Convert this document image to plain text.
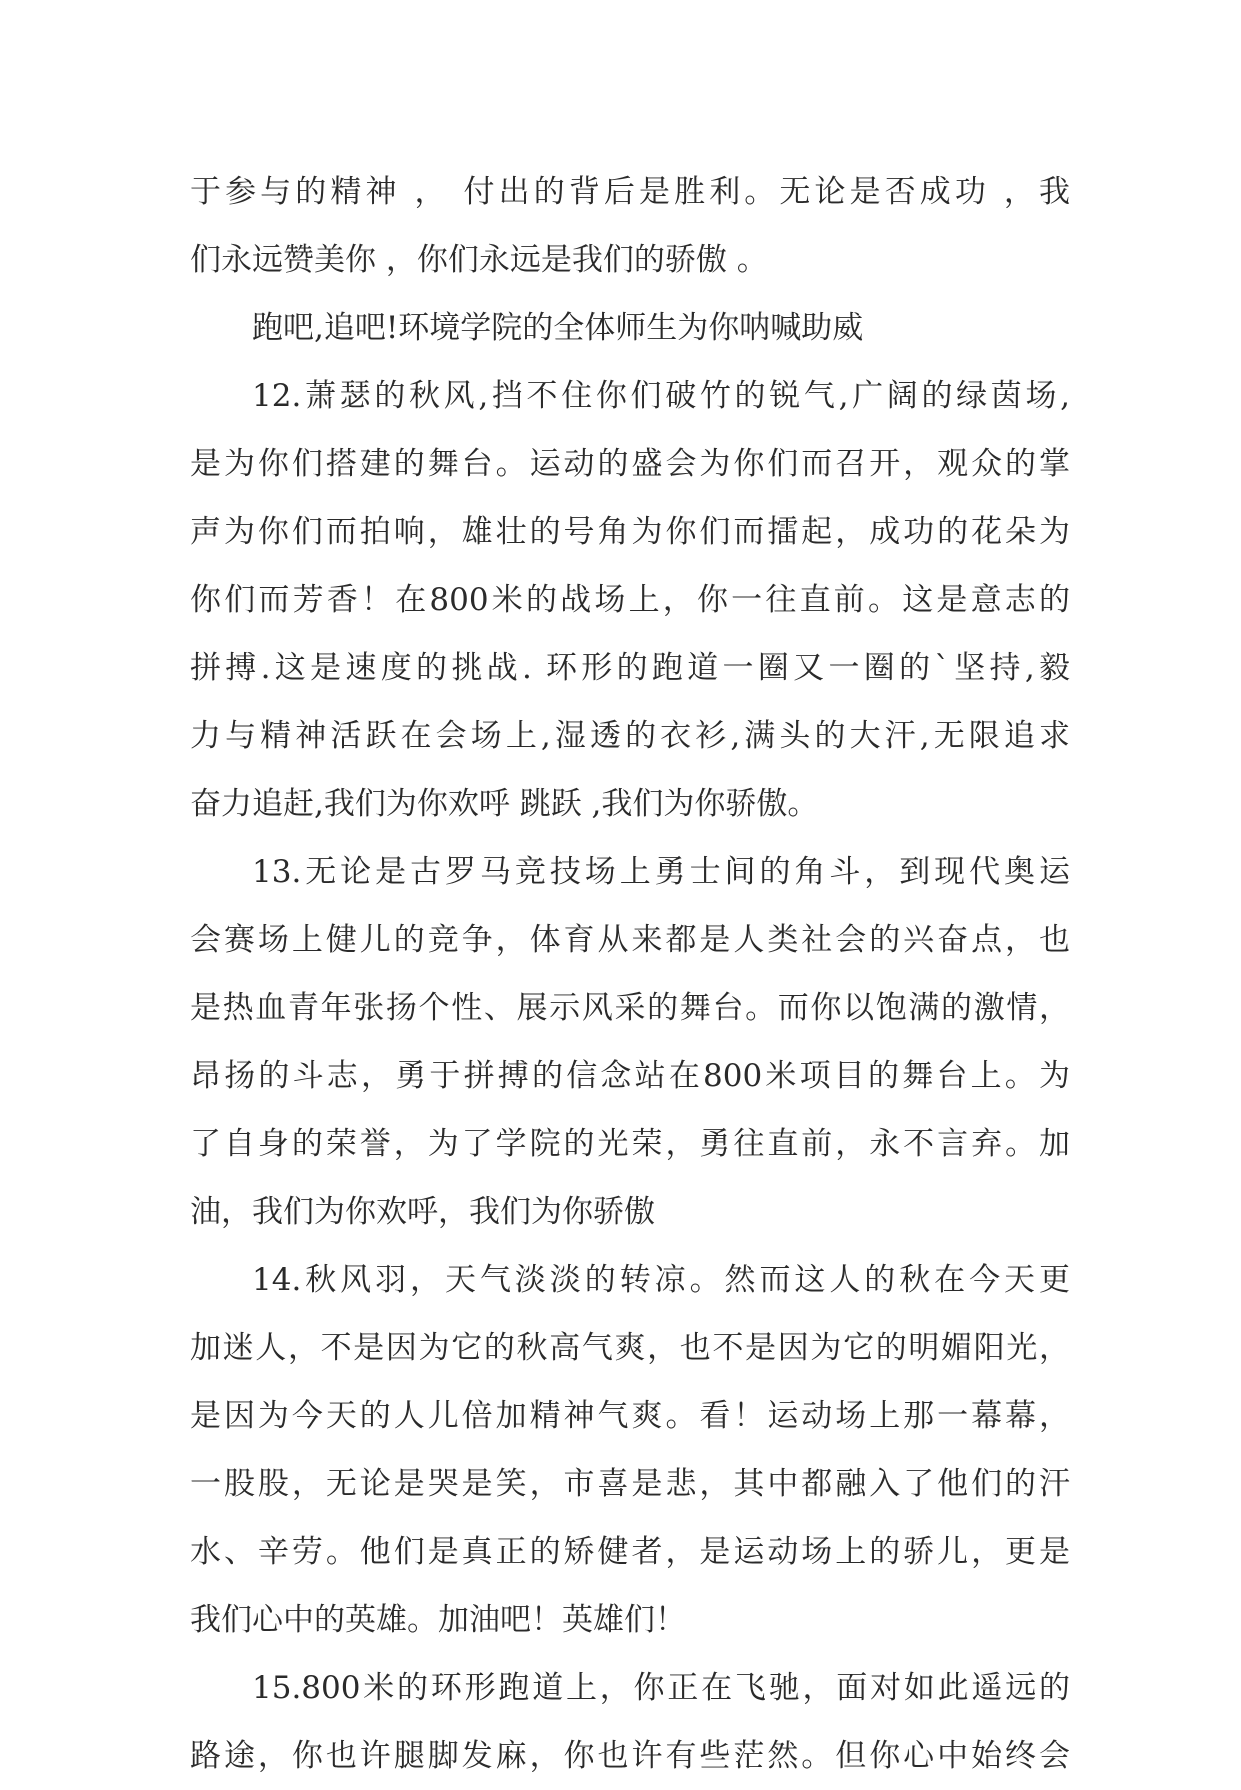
于参与的精神 ， 付出的背后是胜利。无论是否成功 ，我
们永远赞美你 ，你们永远是我们的骄傲 。

跑吧,追吧!环境学院的全体师生为你呐喊助威

12.萧瑟的秋风,挡不住你们破竹的锐气,广阔的绿茵场,
是为你们搭建的舞台。运动的盛会为你们而召开，观众的掌
声为你们而拍响，雄壮的号角为你们而擂起，成功的花朵为
你们而芳香！在800米的战场上，你一往直前。这是意志的
拼搏.这是速度的挑战. 环形的跑道一圈又一圈的`坚持,毅
力与精神活跃在会场上,湿透的衣衫,满头的大汗,无限追求
奋力追赶,我们为你欢呼 跳跃 ,我们为你骄傲。

13.无论是古罗马竞技场上勇士间的角斗，到现代奥运
会赛场上健儿的竞争，体育从来都是人类社会的兴奋点，也
是热血青年张扬个性、展示风采的舞台。而你以饱满的激情，
昂扬的斗志，勇于拼搏的信念站在800米项目的舞台上。为
了自身的荣誉，为了学院的光荣，勇往直前，永不言弃。加
油，我们为你欢呼，我们为你骄傲

14.秋风羽，天气淡淡的转凉。然而这人的秋在今天更
加迷人，不是因为它的秋高气爽，也不是因为它的明媚阳光，
是因为今天的人儿倍加精神气爽。看！运动场上那一幕幕，
一股股，无论是哭是笑，市喜是悲，其中都融入了他们的汗
水、辛劳。他们是真正的矫健者，是运动场上的骄儿，更是
我们心中的英雄。加油吧！英雄们！

15.800米的环形跑道上，你正在飞驰，面对如此遥远的
路途，你也许腿脚发麻，你也许有些茫然。但你心中始终会
